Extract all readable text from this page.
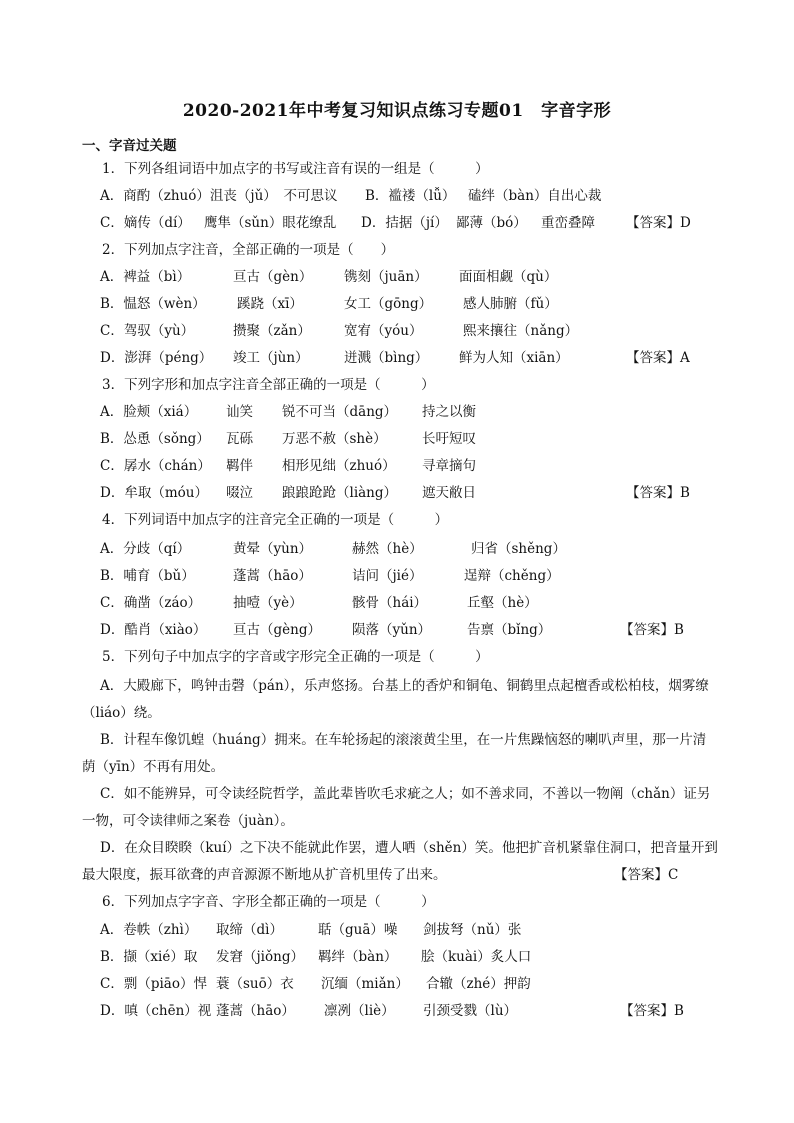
2020-2021年中考复习知识点练习专题01　字音字形
一、字音过关题
1．下列各组词语中加点字的书写或注音有误的一组是（　　　）
A．商酌（zhuó）沮丧（jǔ）　不可思议 B．褴褛（lǚ） 磕绊（bàn）自出心裁
C．嫡传（dí） 鹰隼（sǔn）眼花缭乱 D．拮据（jí） 鄙薄（bó） 重峦叠障 【答案】D
2．下列加点字注音，全部正确的一项是（　　）
A．裨益（bì）	亘古（gèn） 镌刻（juān） 面面相觑（qù）
B．愠怒（wèn） 蹊跷（xī）	女工（gōng） 感人肺腑（fǔ）
C．驾驭（yù）	攒聚（zǎn） 宽宥（yóu）	熙来攘往（nǎng）
D．澎湃（péng） 竣工（jùn）	迸溅（bìng） 鲜为人知（xiān）	【答案】A
3．下列字形和加点字注音全部正确的一项是（　　　）
A．脸颊（xiá） 讪笑 锐不可当（dāng） 持之以衡
B．怂恿（sǒng） 瓦砾 万恶不赦（shè）	长吁短叹
C．孱水（chán） 羁伴 相形见绌（zhuó） 寻章摘句
D．牟取（móu） 啜泣 踉踉跄跄（liàng） 遮天敝日	【答案】B
4．下列词语中加点字的注音完全正确的一项是（　　　）
A．分歧（qí）	黄晕（yùn）	赫然（hè）	归省（shěng）
B．哺育（bǔ）	蓬蒿（hāo）	诘问（jié）	逞辩（chěng）
C．确凿（záo） 抽噎（yè）	骸骨（hái）	丘壑（hè）
D．酷肖（xiào） 亘古（gèng） 陨落（yǔn）	告禀（bǐng）	【答案】B
5．下列句子中加点字的字音或字形完全正确的一项是（　　　）
A．大殿廊下，鸣钟击磬（pán），乐声悠扬。台基上的香炉和铜龟、铜鹤里点起檀香或松柏枝，烟雾缭
（liáo）绕。
B．计程车像饥蝗（huáng）拥来。在车轮扬起的滚滚黄尘里，在一片焦躁恼怒的喇叭声里，那一片清
荫（yīn）不再有用处。
C．如不能辨异，可令读经院哲学，盖此辈皆吹毛求疵之人；如不善求同，不善以一物阐（chǎn）证另
一物，可令读律师之案卷（juàn）。
D．在众目睽睽（kuí）之下决不能就此作罢，遭人哂（shěn）笑。他把扩音机紧靠住洞口，把音量开到
最大限度，振耳欲聋的声音源源不断地从扩音机里传了出来。	【答案】C
6．下列加点字字音、字形全都正确的一项是（　　　）
A．卷帙（zhì） 取缔（dì）	聒（guā）噪 剑拔弩（nǔ）张
B．撷（xié）取 发窘（jiǒng） 羁绊（bàn） 脍（kuài）炙人口
C．剽（piāo）悍 蓑（suō）衣 沉缅（miǎn） 合辙（zhé）押韵
D．嗔（chēn）视 蓬蒿（hāo） 凛冽（liè） 引颈受戮（lù）	【答案】B
